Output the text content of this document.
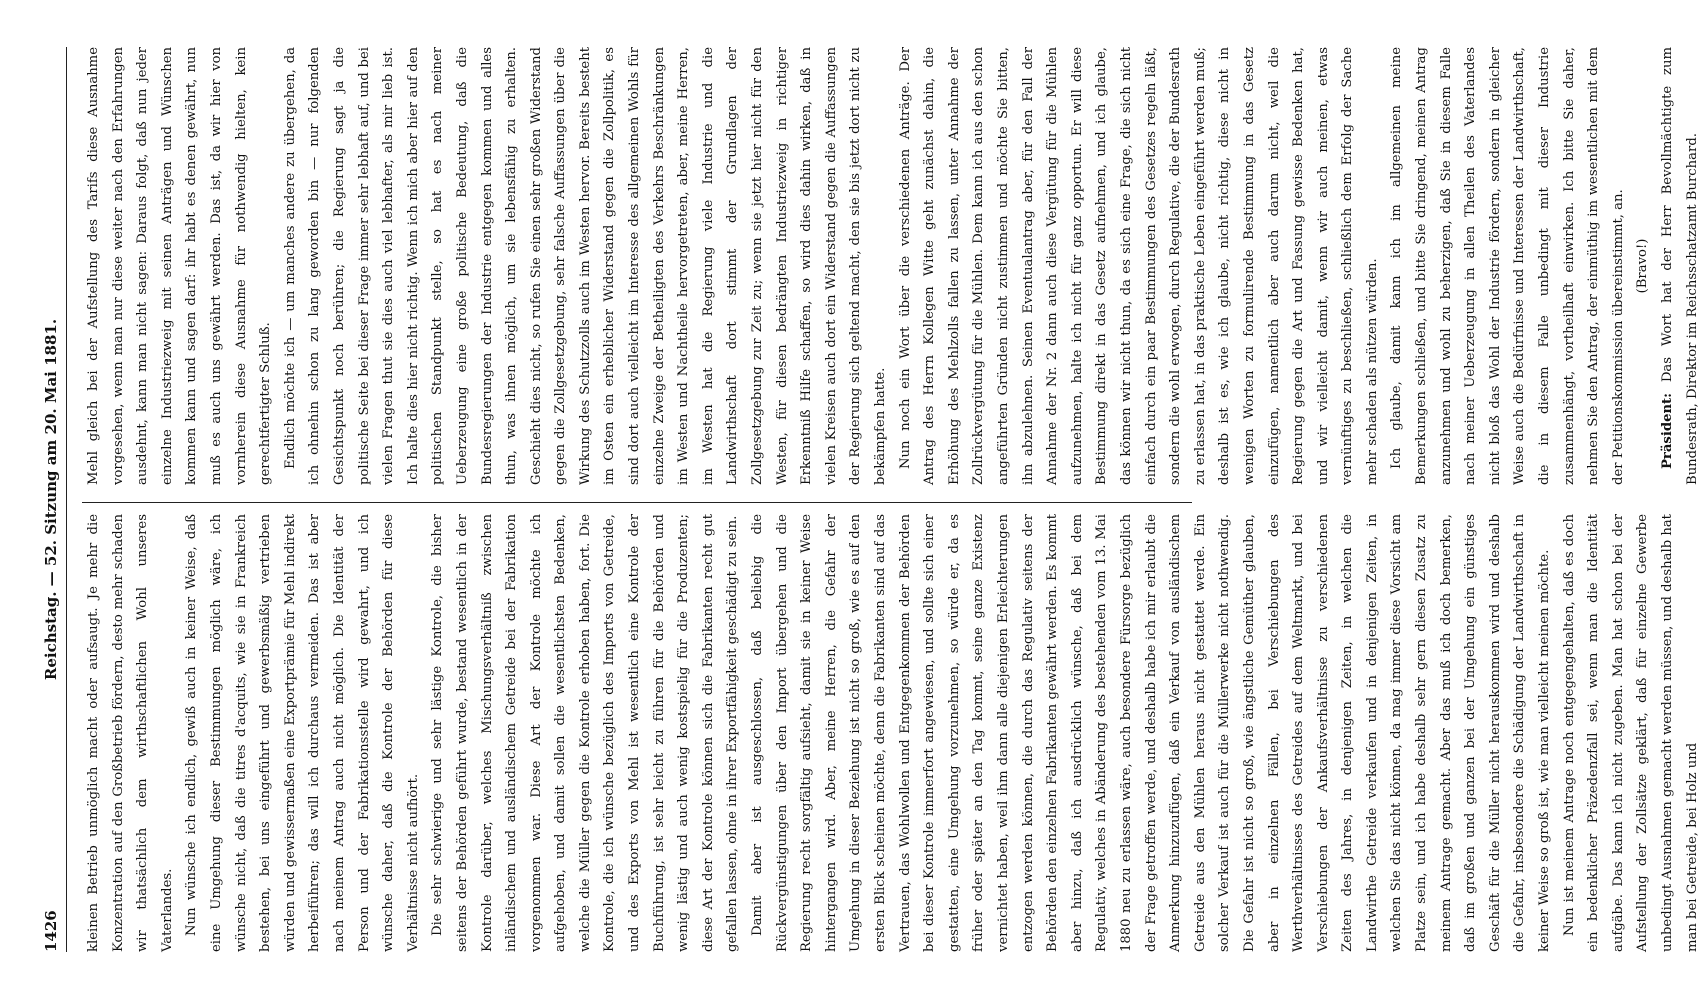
1426
Reichstag. — 52. Sitzung am 20. Mai 1881.

kleinen Betrieb unmöglich macht oder aufsaugt. Je mehr die Konzentration auf den Großbetrieb fördern, desto mehr schaden wir thatsächlich dem wirthschaftlichen Wohl unseres Vaterlandes. Nun wünsche ich endlich, gewiß auch in keiner Weise, daß eine Umgehung dieser Bestimmungen möglich wäre, ich wünsche nicht, daß die titres d'acquits, wie sie in Frankreich bestehen, bei uns eingeführt und gewerbsmäßig vertrieben würden und gewissermaßen eine Exportprämie für Mehl indirekt herbeiführen; das will ich durchaus vermeiden. Das ist aber nach meinem Antrag auch nicht möglich. Die Identität der Person und der Fabrikationsstelle wird gewahrt, und ich wünsche daher, daß die Kontrole der Behörden für diese Verhältnisse nicht aufhört. Die sehr schwierige und sehr lästige Kontrole, die bisher seitens der Behörden geführt wurde, bestand wesentlich in der Kontrole darüber, welches Mischungsverhältniß zwischen inländischem und ausländischem Getreide bei der Fabrikation vorgenommen war. Diese Art der Kontrole möchte ich aufgehoben, und damit sollen die wesentlichsten Bedenken, welche die Müller gegen die Kontrole erhoben haben, fort. Die Kontrole, die ich wünsche bezüglich des Imports von Getreide, und des Exports von Mehl ist wesentlich eine Kontrole der Buchführung, ist sehr leicht zu führen für die Behörden und wenig lästig und auch wenig kostspielig für die Produzenten; diese Art der Kontrole können sich die Fabrikanten recht gut gefallen lassen, ohne in ihrer Exportfähigkeit geschädigt zu sein. Damit aber ist ausgeschlossen, daß beliebig die Rückvergünstigungen über den Import übergehen und die Regierung recht sorgfältig aufsieht, damit sie in keiner Weise hintergangen wird. Aber, meine Herren, die Gefahr der Umgehung in dieser Beziehung ist nicht so groß, wie es auf den ersten Blick scheinen möchte, denn die Fabrikanten sind auf das Vertrauen, das Wohlwollen und Entgegenkommen der Behörden bei dieser Kontrole immerfort angewiesen, und sollte sich einer gestatten, eine Umgehung vorzunehmen, so würde er, da es früher oder später an den Tag kommt, seine ganze Existenz vernichtet haben, weil ihm dann alle diejenigen Erleichterungen entzogen werden können, die durch das Regulativ seitens der Behörden den einzelnen Fabrikanten gewährt werden. Es kommt aber hinzu, daß ich ausdrücklich wünsche, daß bei dem Regulativ, welches in Abänderung des bestehenden vom 13. Mai 1880 neu zu erlassen wäre, auch besondere Fürsorge bezüglich der Frage getroffen werde, und deshalb habe ich mir erlaubt die Anmerkung hinzuzufügen, daß ein Verkauf von ausländischem Getreide aus den Mühlen heraus nicht gestattet werde. Ein solcher Verkauf ist auch für die Müllerwerke nicht nothwendig. Die Gefahr ist nicht so groß, wie ängstliche Gemüther glauben, aber in einzelnen Fällen, bei Verschiebungen des Werthverhältnisses des Getreides auf dem Weltmarkt, und bei Verschiebungen der Ankaufsverhältnisse zu verschiedenen Zeiten des Jahres, in denjenigen Zeiten, in welchen die Landwirthe Getreide verkaufen und in denjenigen Zeiten, in welchen Sie das nicht können, da mag immer diese Vorsicht am Platze sein, und ich habe deshalb sehr gern diesen Zusatz zu meinem Antrage gemacht. Aber das muß ich doch bemerken, daß im großen und ganzen bei der Umgehung ein günstiges Geschäft für die Müller nicht herauskommen wird und deshalb die Gefahr, insbesondere die Schädigung der Landwirthschaft in keiner Weise so groß ist, wie man vielleicht meinen möchte. Nun ist meinem Antrage noch entgegengehalten, daß es doch ein bedenklicher Präzedenzfall sei, wenn man die Identität aufgäbe. Das kann ich nicht zugeben. Man hat schon bei der Aufstellung der Zollsätze geklärt, daß für einzelne Gewerbe unbedingt Ausnahmen gemacht werden müssen, und deshalb hat man bei Getreide, bei Holz und

Mehl gleich bei der Aufstellung des Tarifs diese Ausnahme vorgesehen, wenn man nur diese weiter nach den Erfahrungen ausdehnt, kann man nicht sagen: Daraus folgt, daß nun jeder einzelne Industriezweig mit seinen Anträgen und Wünschen kommen kann und sagen darf: ihr habt es denen gewährt, nun muß es auch uns gewährt werden. Das ist, da wir hier von vornherein diese Ausnahme für nothwendig hielten, kein gerechtfertigter Schluß. Endlich möchte ich — um manches andere zu übergehen, da ich ohnehin schon zu lang geworden bin — nur folgenden Gesichtspunkt noch berühren; die Regierung sagt ja die politische Seite bei dieser Frage immer sehr lebhaft auf, und bei vielen Fragen thut sie dies auch viel lebhafter, als mir lieb ist. Ich halte dies hier nicht richtig. Wenn ich mich aber hier auf den politischen Standpunkt stelle, so hat es nach meiner Ueberzeugung eine große politische Bedeutung, daß die Bundesregierungen der Industrie entgegen kommen und alles thun, was ihnen möglich, um sie lebensfähig zu erhalten. Geschieht dies nicht, so rufen Sie einen sehr großen Widerstand gegen die Zollgesetzgebung, sehr falsche Auffassungen über die Wirkung des Schutzzolls auch im Westen hervor. Bereits besteht im Osten ein erheblicher Widerstand gegen die Zollpolitik, es sind dort auch vielleicht im Interesse des allgemeinen Wohls für einzelne Zweige der Betheiligten des Verkehrs Beschränkungen im Westen und Nachtheile hervorgetreten, aber, meine Herren, im Westen hat die Regierung viele Industrie und die Landwirthschaft dort stimmt der Grundlagen der Zollgesetzgebung zur Zeit zu; wenn sie jetzt hier nicht für den Westen, für diesen bedrängten Industriezweig in richtiger Erkenntniß Hilfe schaffen, so wird dies dahin wirken, daß in vielen Kreisen auch dort ein Widerstand gegen die Auffassungen der Regierung sich geltend macht, den sie bis jetzt dort nicht zu bekämpfen hatte. Nun noch ein Wort über die verschiedenen Anträge. Der Antrag des Herrn Kollegen Witte geht zunächst dahin, die Erhöhung des Mehlzolls fallen zu lassen, unter Annahme der Zollrückvergütung für die Mühlen. Dem kann ich aus den schon angeführten Gründen nicht zustimmen und möchte Sie bitten, ihn abzulehnen. Seinen Eventualantrag aber, für den Fall der Annahme der Nr. 2 dann auch diese Vergütung für die Mühlen aufzunehmen, halte ich nicht für ganz opportun. Er will diese Bestimmung direkt in das Gesetz aufnehmen, und ich glaube, das können wir nicht thun, da es sich eine Frage, die sich nicht einfach durch ein paar Bestimmungen des Gesetzes regeln läßt, sondern die wohl erwogen, durch Regulative, die der Bundesrath zu erlassen hat, in das praktische Leben eingeführt werden muß; deshalb ist es, wie ich glaube, nicht richtig, diese nicht in wenigen Worten zu formulirende Bestimmung in das Gesetz einzufügen, namentlich aber auch darum nicht, weil die Regierung gegen die Art und Fassung gewisse Bedenken hat, und wir vielleicht damit, wenn wir auch meinen, etwas vernünftiges zu beschließen, schließlich dem Erfolg der Sache mehr schaden als nützen würden. Ich glaube, damit kann ich im allgemeinen meine Bemerkungen schließen, und bitte Sie dringend, meinen Antrag anzunehmen und wohl zu beherzigen, daß Sie in diesem Falle nach meiner Ueberzeugung in allen Theilen des Vaterlandes nicht bloß das Wohl der Industrie fördern, sondern in gleicher Weise auch die Bedürfnisse und Interessen der Landwirthschaft, die in diesem Falle unbedingt mit dieser Industrie zusammenhängt, vortheilhaft einwirken. Ich bitte Sie daher, nehmen Sie den Antrag, der einmüthig im wesentlichen mit dem der Petitionskommission übereinstimmt, an. (Bravo!)

Präsident: Das Wort hat der Herr Bevollmächtigte zum Bundesrath, Direktor im Reichsschatzamt Burchard.
